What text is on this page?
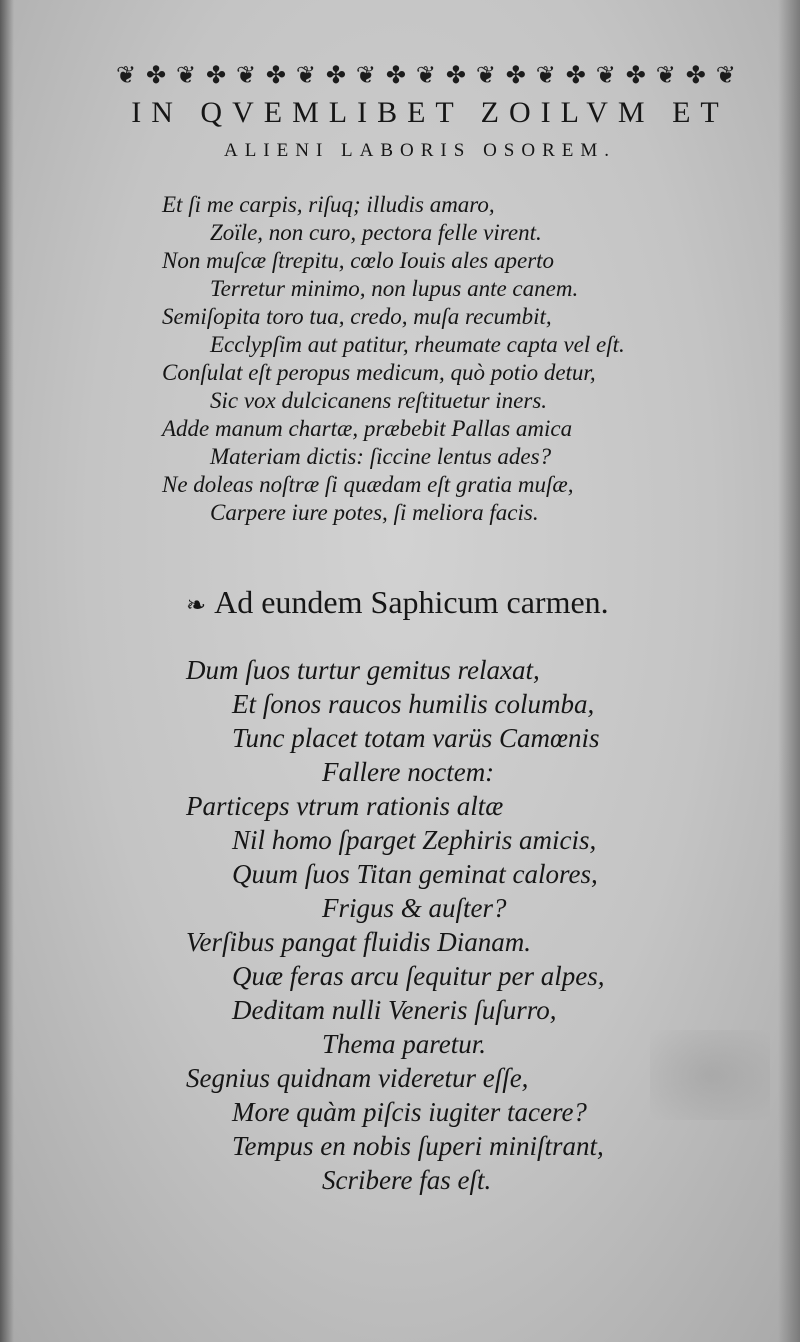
❦ ✤ ❦ ✤ ❦ ✤ ❦ ✤ ❦ ✤ ❦ ✤ ❦ ✤ ❦ ✤ ❦ ✤ ❦ ✤ ❦
IN QVEMLIBET ZOILVM ET
ALIENI LABORIS OSOREM.
Et ſi me carpis, riſuq; illudis amaro,
Zoïle, non curo, pectora felle virent.
Non muſcæ ſtrepitu, cœlo Iouis ales aperto
Terretur minimo, non lupus ante canem.
Semiſopita toro tua, credo, muſa recumbit,
Ecclypſim aut patitur, rheumate capta vel eſt.
Conſulat eſt peropus medicum, quò potio detur,
Sic vox dulcicanens reſtituetur iners.
Adde manum chartæ, præbebit Pallas amica
Materiam dictis: ſiccine lentus ades?
Ne doleas noſtræ ſi quædam eſt gratia muſæ,
Carpere iure potes, ſi meliora facis.
❧ Ad eundem Saphicum carmen.
Dum ſuos turtur gemitus relaxat,
Et ſonos raucos humilis columba,
Tunc placet totam varüs Camœnis
Fallere noctem:
Particeps vtrum rationis altæ
Nil homo ſparget Zephiris amicis,
Quum ſuos Titan geminat calores,
Frigus & auſter?
Verſibus pangat fluidis Dianam.
Quæ feras arcu ſequitur per alpes,
Deditam nulli Veneris ſuſurro,
Thema paretur.
Segnius quidnam videretur eſſe,
More quàm piſcis iugiter tacere?
Tempus en nobis ſuperi miniſtrant,
Scribere fas eſt.
